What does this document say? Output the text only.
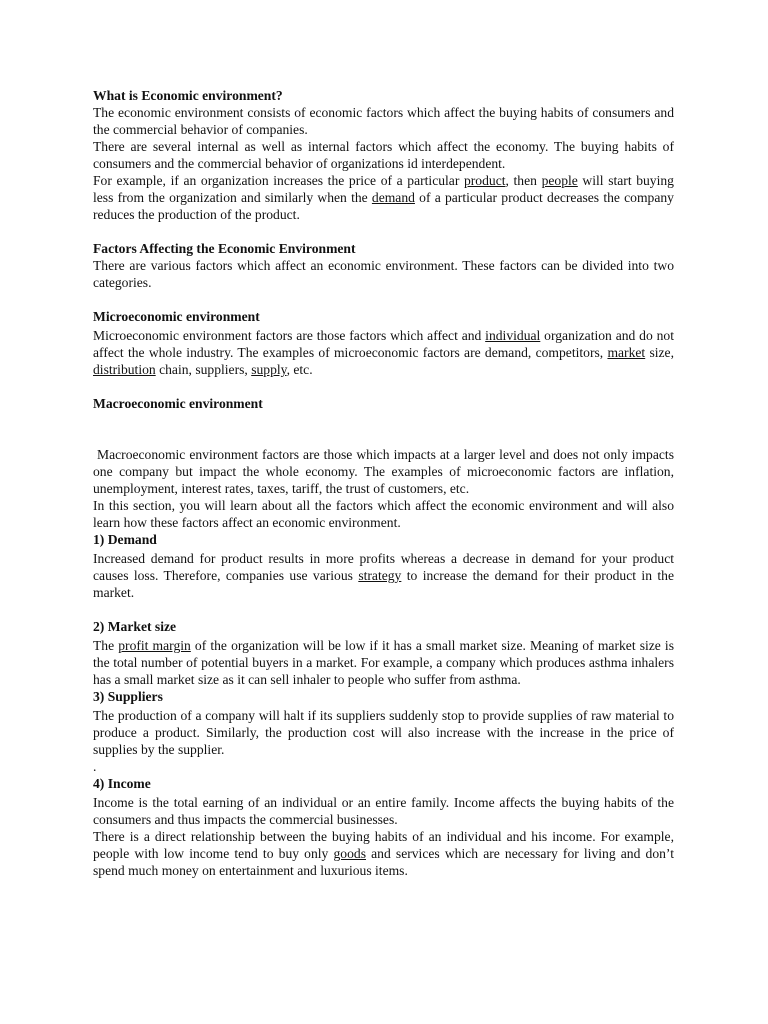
What is Economic environment?

The economic environment consists of economic factors which affect the buying habits of consumers and the commercial behavior of companies.

There are several internal as well as internal factors which affect the economy. The buying habits of consumers and the commercial behavior of organizations id interdependent.

For example, if an organization increases the price of a particular product, then people will start buying less from the organization and similarly when the demand of a particular product decreases the company reduces the production of the product.

Factors Affecting the Economic Environment

There are various factors which affect an economic environment. These factors can be divided into two categories.

Microeconomic environment

Microeconomic environment factors are those factors which affect and individual organization and do not affect the whole industry. The examples of microeconomic factors are demand, competitors, market size, distribution chain, suppliers, supply, etc.

Macroeconomic environment

Macroeconomic environment factors are those which impacts at a larger level and does not only impacts one company but impact the whole economy. The examples of microeconomic factors are inflation, unemployment, interest rates, taxes, tariff, the trust of customers, etc.

In this section, you will learn about all the factors which affect the economic environment and will also learn how these factors affect an economic environment.

1) Demand

Increased demand for product results in more profits whereas a decrease in demand for your product causes loss. Therefore, companies use various strategy to increase the demand for their product in the market.

2) Market size

The profit margin of the organization will be low if it has a small market size. Meaning of market size is the total number of potential buyers in a market. For example, a company which produces asthma inhalers has a small market size as it can sell inhaler to people who suffer from asthma.

3) Suppliers

The production of a company will halt if its suppliers suddenly stop to provide supplies of raw material to produce a product. Similarly, the production cost will also increase with the increase in the price of supplies by the supplier.

.

4) Income

Income is the total earning of an individual or an entire family. Income affects the buying habits of the consumers and thus impacts the commercial businesses.

There is a direct relationship between the buying habits of an individual and his income. For example, people with low income tend to buy only goods and services which are necessary for living and don’t spend much money on entertainment and luxurious items.
